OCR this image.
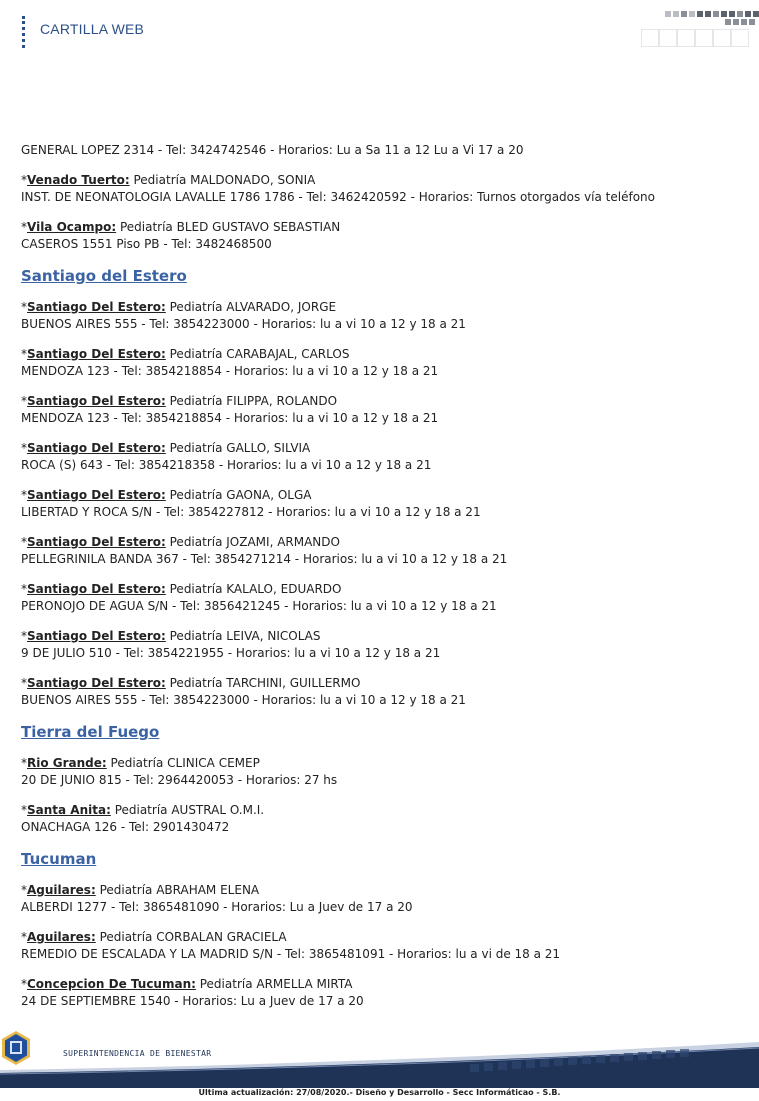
CARTILLA WEB
GENERAL LOPEZ 2314 - Tel: 3424742546 - Horarios: Lu a Sa 11 a 12 Lu a Vi 17 a 20
*Venado Tuerto: Pediatría MALDONADO, SONIA
INST. DE NEONATOLOGIA LAVALLE 1786 1786 - Tel: 3462420592 - Horarios: Turnos otorgados vía teléfono
*Vila Ocampo: Pediatría BLED GUSTAVO SEBASTIAN
CASEROS 1551 Piso PB - Tel: 3482468500
Santiago del Estero
*Santiago Del Estero: Pediatría ALVARADO, JORGE
BUENOS AIRES 555 - Tel: 3854223000 - Horarios: lu a vi 10 a 12 y 18 a 21
*Santiago Del Estero: Pediatría CARABAJAL, CARLOS
MENDOZA 123 - Tel: 3854218854 - Horarios: lu a vi 10 a 12 y 18 a 21
*Santiago Del Estero: Pediatría FILIPPA, ROLANDO
MENDOZA 123 - Tel: 3854218854 - Horarios: lu a vi 10 a 12 y 18 a 21
*Santiago Del Estero: Pediatría GALLO, SILVIA
ROCA (S) 643 - Tel: 3854218358 - Horarios: lu a vi 10 a 12 y 18 a 21
*Santiago Del Estero: Pediatría GAONA, OLGA
LIBERTAD Y ROCA S/N - Tel: 3854227812 - Horarios: lu a vi 10 a 12 y 18 a 21
*Santiago Del Estero: Pediatría JOZAMI, ARMANDO
PELLEGRINILA BANDA 367 - Tel: 3854271214 - Horarios: lu a vi 10 a 12 y 18 a 21
*Santiago Del Estero: Pediatría KALALO, EDUARDO
PERONOJO DE AGUA S/N - Tel: 3856421245 - Horarios: lu a vi 10 a 12 y 18 a 21
*Santiago Del Estero: Pediatría LEIVA, NICOLAS
9 DE JULIO 510 - Tel: 3854221955 - Horarios: lu a vi 10 a 12 y 18 a 21
*Santiago Del Estero: Pediatría TARCHINI, GUILLERMO
BUENOS AIRES 555 - Tel: 3854223000 - Horarios: lu a vi 10 a 12 y 18 a 21
Tierra del Fuego
*Rio Grande: Pediatría CLINICA CEMEP
20 DE JUNIO 815 - Tel: 2964420053 - Horarios: 27 hs
*Santa Anita: Pediatría AUSTRAL O.M.I.
ONACHAGA 126 - Tel: 2901430472
Tucuman
*Aguilares: Pediatría ABRAHAM ELENA
ALBERDI 1277 - Tel: 3865481090 - Horarios: Lu a Juev de 17 a 20
*Aguilares: Pediatría CORBALAN GRACIELA
REMEDIO DE ESCALADA Y LA MADRID S/N - Tel: 3865481091 - Horarios: lu a vi de 18 a 21
*Concepcion De Tucuman: Pediatría ARMELLA MIRTA
24 DE SEPTIEMBRE 1540 - Horarios: Lu a Juev de 17 a 20
SUPERINTENDENCIA DE BIENESTAR
Ultima actualización: 27/08/2020.- Diseño y Desarrollo - Secc Informáticao - S.B.
